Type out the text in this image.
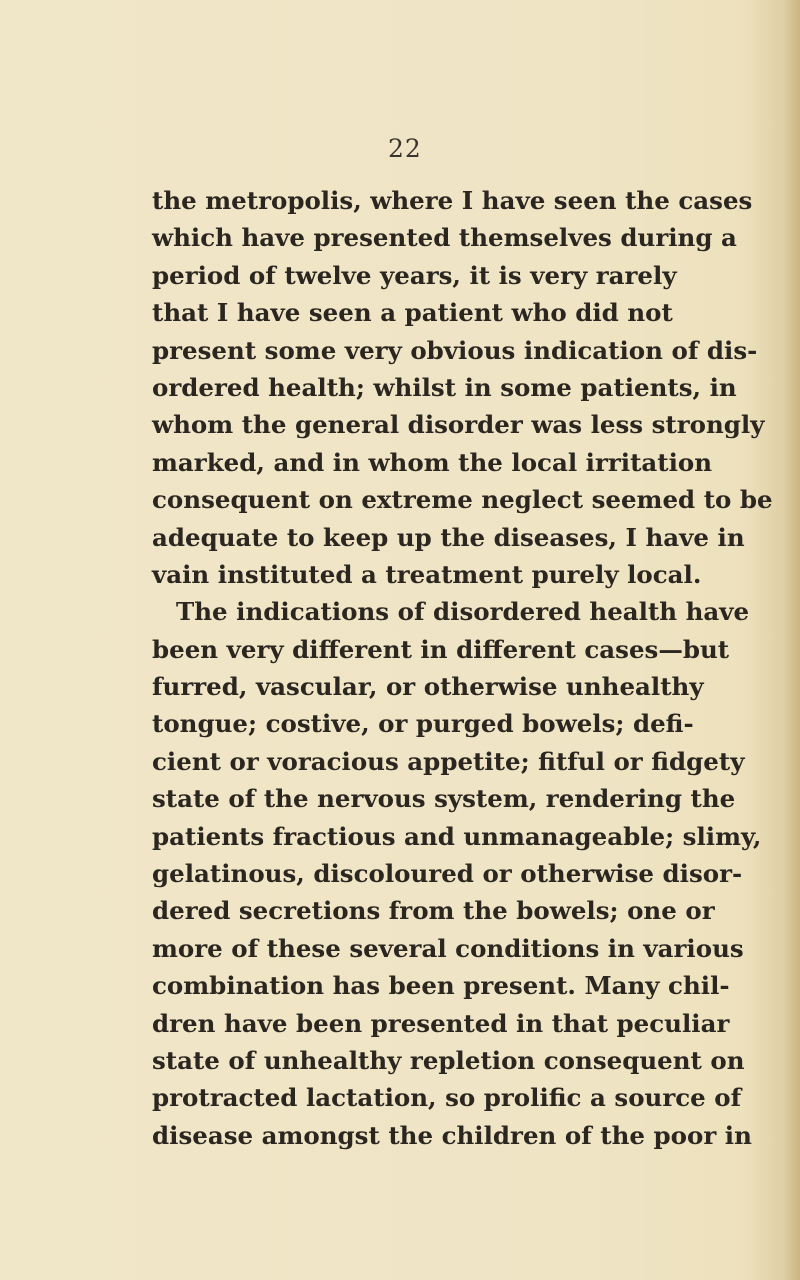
22
the metropolis, where I have seen the cases
which have presented themselves during a
period of twelve years, it is very rarely
that I have seen a patient who did not
present some very obvious indication of dis-
ordered health; whilst in some patients, in
whom the general disorder was less strongly
marked, and in whom the local irritation
consequent on extreme neglect seemed to be
adequate to keep up the diseases, I have in
vain instituted a treatment purely local.
The indications of disordered health have
been very different in different cases—but
furred, vascular, or otherwise unhealthy
tongue; costive, or purged bowels; defi-
cient or voracious appetite; fitful or fidgety
state of the nervous system, rendering the
patients fractious and unmanageable; slimy,
gelatinous, discoloured or otherwise disor-
dered secretions from the bowels; one or
more of these several conditions in various
combination has been present. Many chil-
dren have been presented in that peculiar
state of unhealthy repletion consequent on
protracted lactation, so prolific a source of
disease amongst the children of the poor in
